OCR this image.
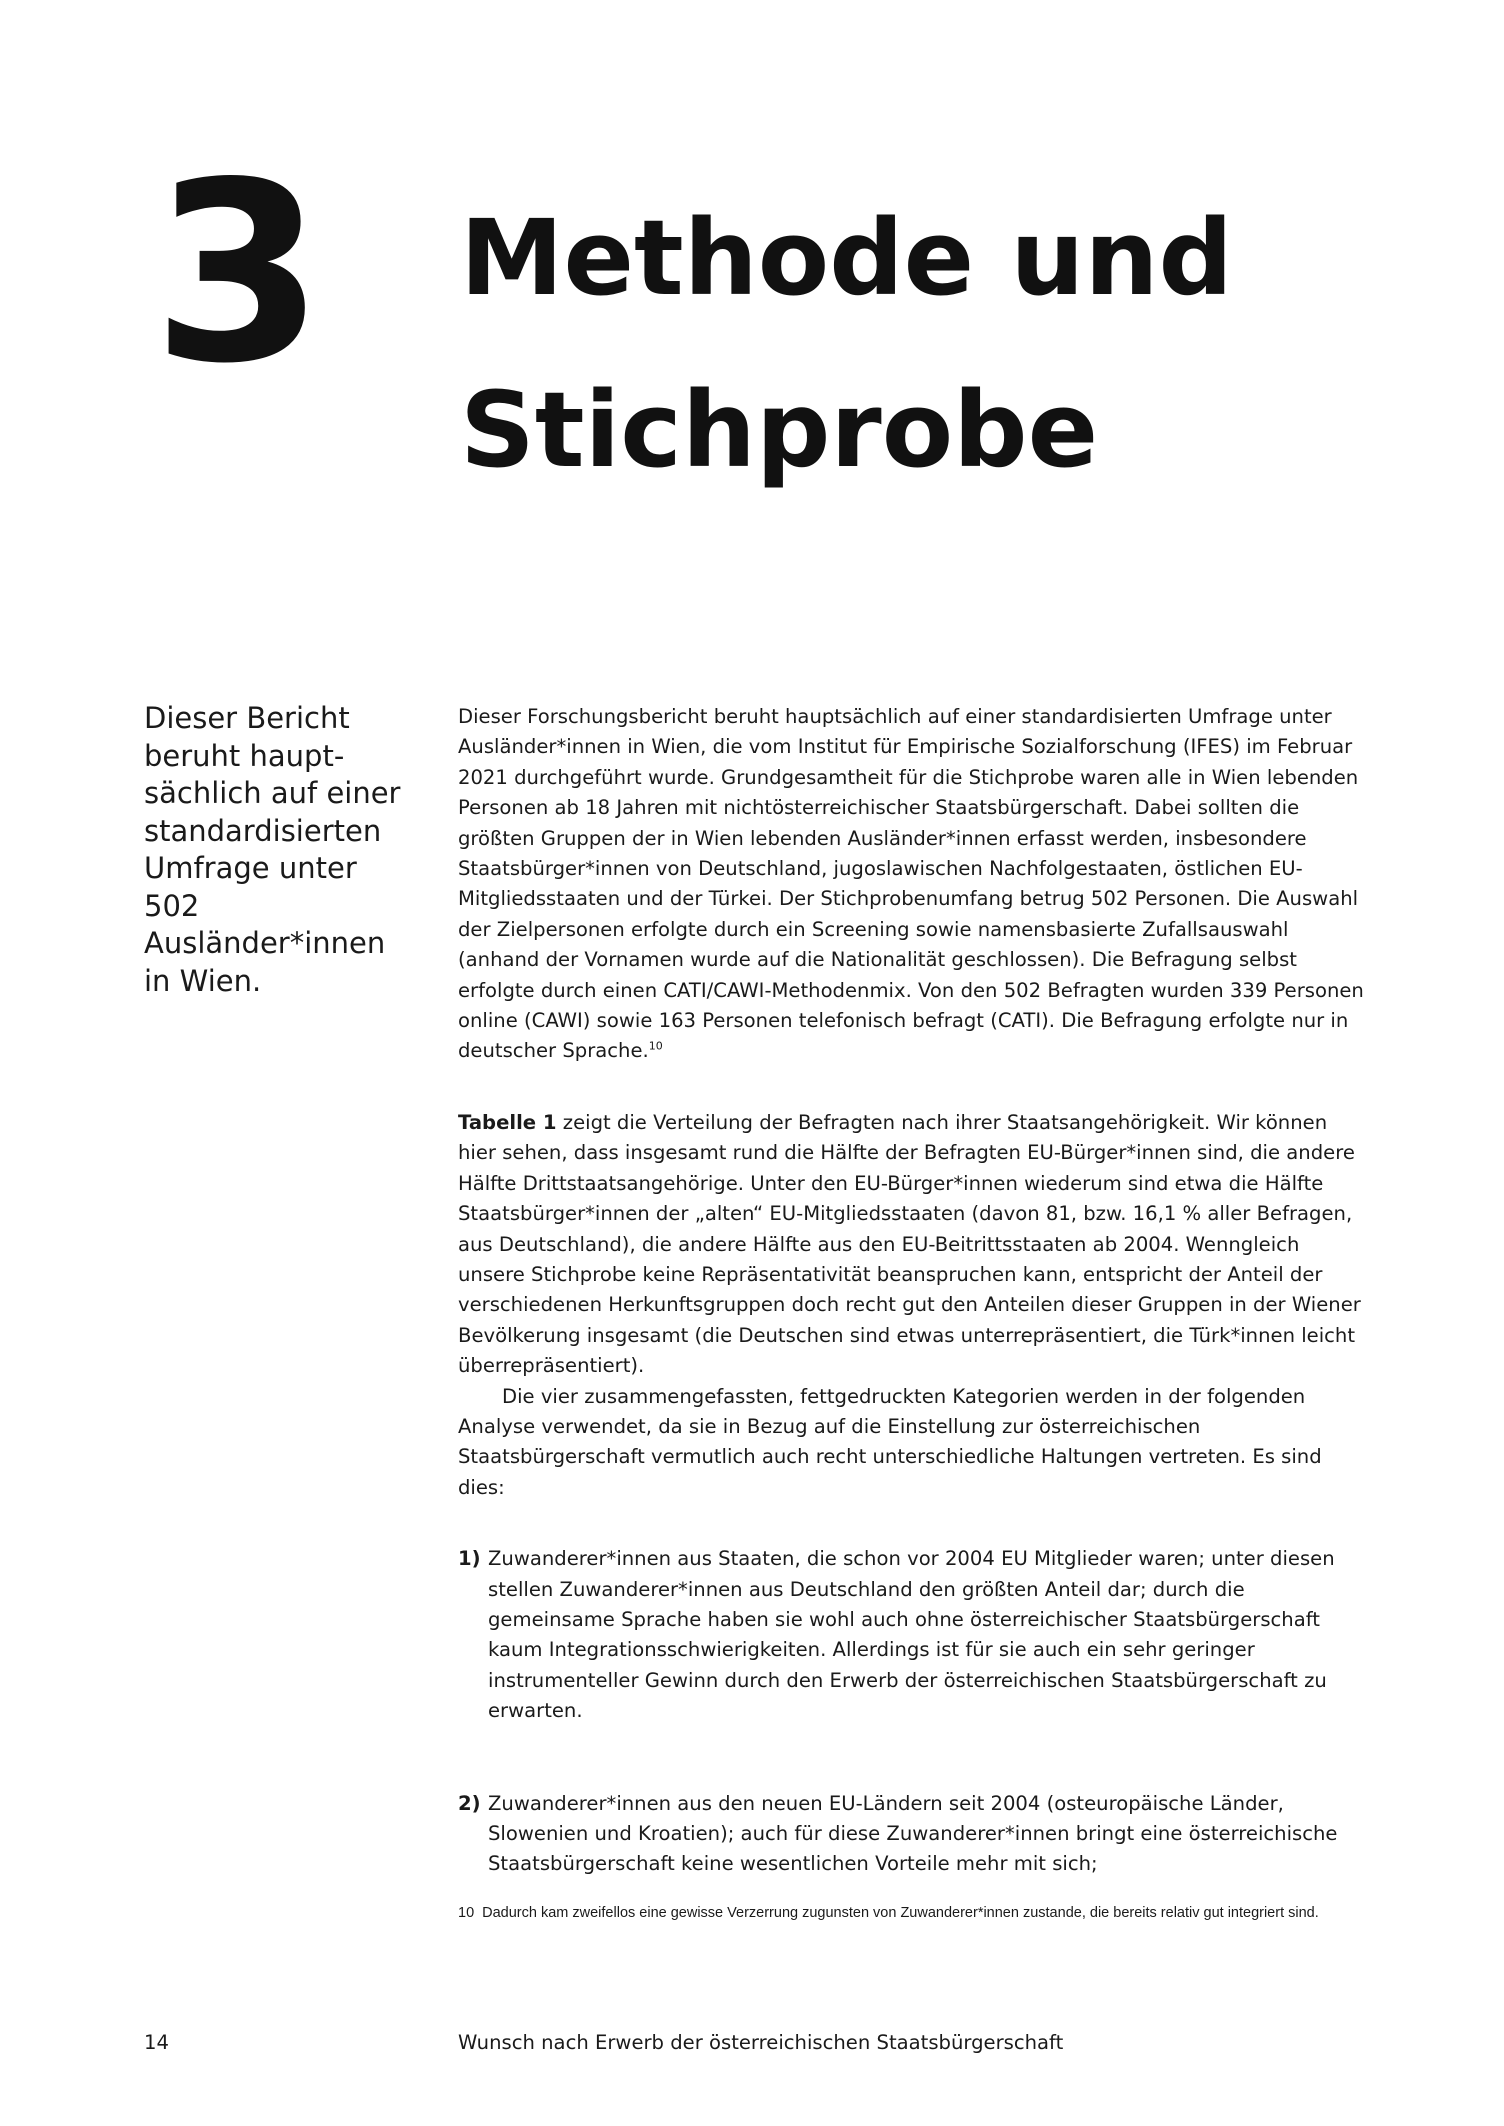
3 Methode und
Stichprobe

Dieser Bericht beruht hauptsächlich auf einer standardisierten Umfrage unter 502 Ausländer*innen in Wien.

Dieser Forschungsbericht beruht hauptsächlich auf einer standardisierten Umfrage unter Ausländer*innen in Wien, die vom Institut für Empirische Sozialforschung (IFES) im Februar 2021 durchgeführt wurde. Grundgesamtheit für die Stichprobe waren alle in Wien lebenden Personen ab 18 Jahren mit nichtösterreichischer Staatsbürgerschaft. Dabei sollten die größten Gruppen der in Wien lebenden Ausländer*innen erfasst werden, insbesondere Staatsbürger*innen von Deutschland, jugoslawischen Nachfolgestaaten, östlichen EU-Mitgliedsstaaten und der Türkei. Der Stichprobenumfang betrug 502 Personen. Die Auswahl der Zielpersonen erfolgte durch ein Screening sowie namensbasierte Zufallsauswahl (anhand der Vornamen wurde auf die Nationalität geschlossen). Die Befragung selbst erfolgte durch einen CATI/CAWI-Methodenmix. Von den 502 Befragten wurden 339 Personen online (CAWI) sowie 163 Personen telefonisch befragt (CATI). Die Befragung erfolgte nur in deutscher Sprache.$^{10}$

Tabelle 1 zeigt die Verteilung der Befragten nach ihrer Staatsangehörigkeit. Wir können hier sehen, dass insgesamt rund die Hälfte der Befragten EU-Bürger*innen sind, die andere Hälfte Drittstaatsangehörige. Unter den EU-Bürger*innen wiederum sind etwa die Hälfte Staatsbürger*innen der „alten“ EU-Mitgliedsstaaten (davon 81, bzw. 16,1 % aller Befragen, aus Deutschland), die andere Hälfte aus den EU-Beitrittsstaaten ab 2004. Wenngleich unsere Stichprobe keine Repräsentativität beanspruchen kann, entspricht der Anteil der verschiedenen Herkunftsgruppen doch recht gut den Anteilen dieser Gruppen in der Wiener Bevölkerung insgesamt (die Deutschen sind etwas unterrepräsentiert, die Türk*innen leicht überrepräsentiert).

Die vier zusammengefassten, fettgedruckten Kategorien werden in der folgenden Analyse verwendet, da sie in Bezug auf die Einstellung zur österreichischen Staatsbürgerschaft vermutlich auch recht unterschiedliche Haltungen vertreten. Es sind dies:

1) Zuwanderer*innen aus Staaten, die schon vor 2004 EU Mitglieder waren; unter diesen stellen Zuwanderer*innen aus Deutschland den größten Anteil dar; durch die gemeinsame Sprache haben sie wohl auch ohne österreichischer Staatsbürgerschaft kaum Integrationsschwierigkeiten. Allerdings ist für sie auch ein sehr geringer instrumenteller Gewinn durch den Erwerb der österreichischen Staatsbürgerschaft zu erwarten.
2) Zuwanderer*innen aus den neuen EU-Ländern seit 2004 (osteuropäische Länder, Slowenien und Kroatien); auch für diese Zuwanderer*innen bringt eine österreichische Staatsbürgerschaft keine wesentlichen Vorteile mehr mit sich;
10 Dadurch kam zweifellos eine gewisse Verzerrung zugunsten von Zuwanderer*innen zustande, die bereits relativ gut integriert sind.
14	Wunsch nach Erwerb der österreichischen Staatsbürgerschaft
